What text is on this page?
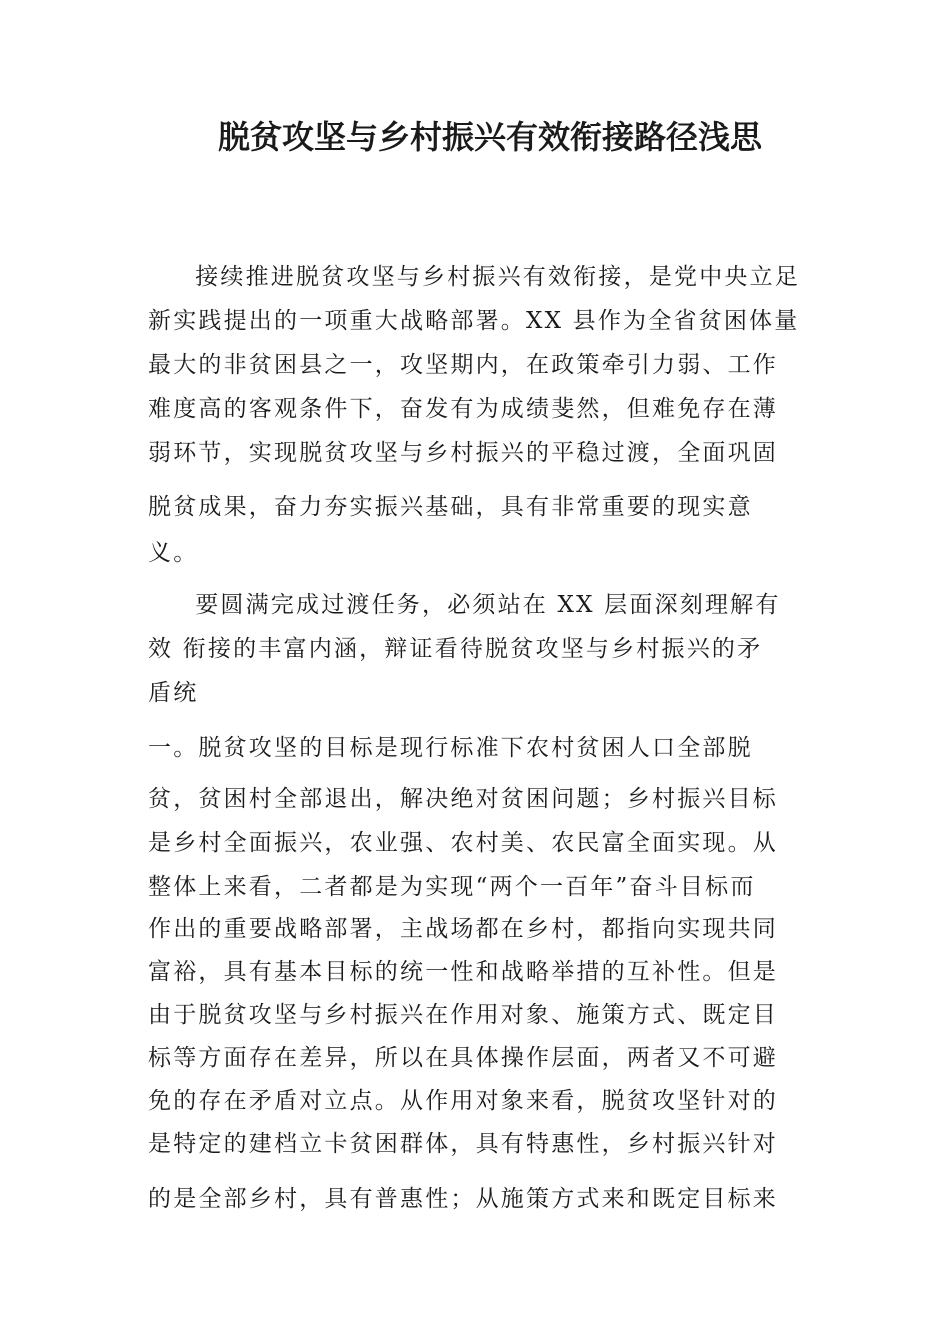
脱贫攻坚与乡村振兴有效衔接路径浅思
　接续推进脱贫攻坚与乡村振兴有效衔接，是党中央立足
新实践提出的一项重大战略部署。XX 县作为全省贫困体量
最大的非贫困县之一，攻坚期内，在政策牵引力弱、工作
难度高的客观条件下，奋发有为成绩斐然，但难免存在薄
弱环节，实现脱贫攻坚与乡村振兴的平稳过渡，全面巩固
脱贫成果，奋力夯实振兴基础，具有非常重要的现实意
义。
　要圆满完成过渡任务，必须站在 XX 层面深刻理解有
效 衔接的丰富内涵，辩证看待脱贫攻坚与乡村振兴的矛
盾统
一。脱贫攻坚的目标是现行标准下农村贫困人口全部脱
贫，贫困村全部退出，解决绝对贫困问题；乡村振兴目标
是乡村全面振兴，农业强、农村美、农民富全面实现。从
整体上来看，二者都是为实现“两个一百年”奋斗目标而
作出的重要战略部署，主战场都在乡村，都指向实现共同
富裕，具有基本目标的统一性和战略举措的互补性。但是
由于脱贫攻坚与乡村振兴在作用对象、施策方式、既定目
标等方面存在差异，所以在具体操作层面，两者又不可避
免的存在矛盾对立点。从作用对象来看，脱贫攻坚针对的
是特定的建档立卡贫困群体，具有特惠性，乡村振兴针对
的是全部乡村，具有普惠性；从施策方式来和既定目标来
